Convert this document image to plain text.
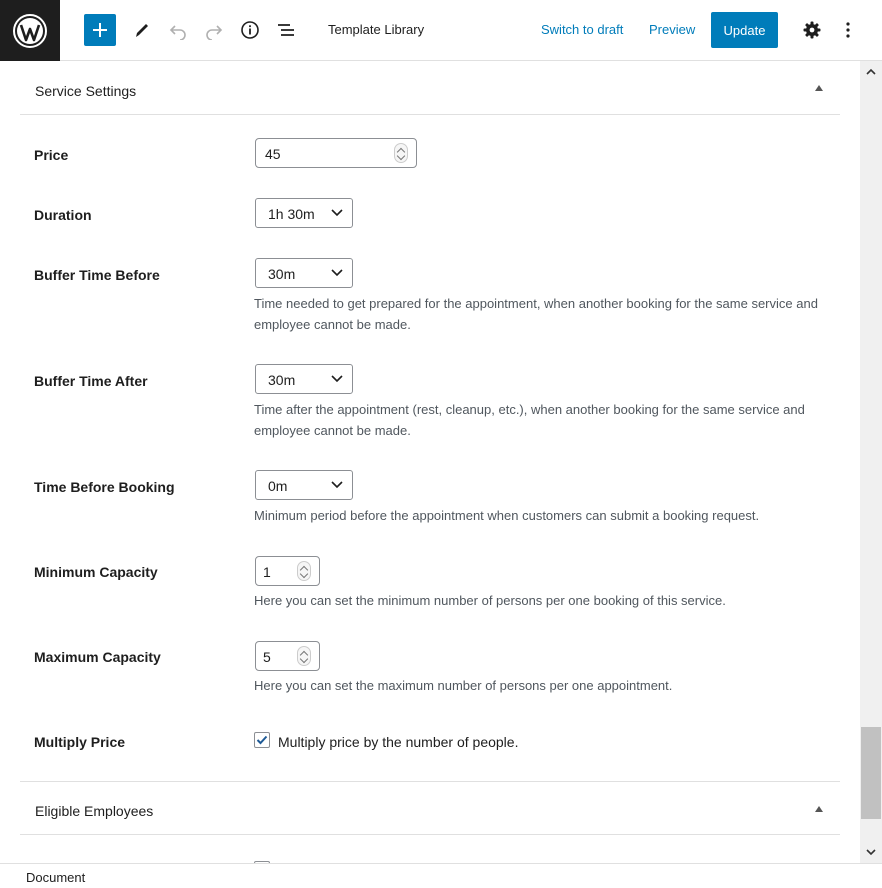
Template Library	Switch to draft Preview	Update
Service Settings
Price	45
Duration	1h 30m
Buffer Time Before	30m
Time needed to get prepared for the appointment, when another booking for the same service and employee cannot be made.
Buffer Time After	30m
Time after the appointment (rest, cleanup, etc.), when another booking for the same service and employee cannot be made.
Time Before Booking	0m
Minimum period before the appointment when customers can submit a booking request.
Minimum Capacity	1
Here you can set the minimum number of persons per one booking of this service.
Maximum Capacity	5
Here you can set the maximum number of persons per one appointment.
Multiply Price	Multiply price by the number of people.
Eligible Employees
Document
